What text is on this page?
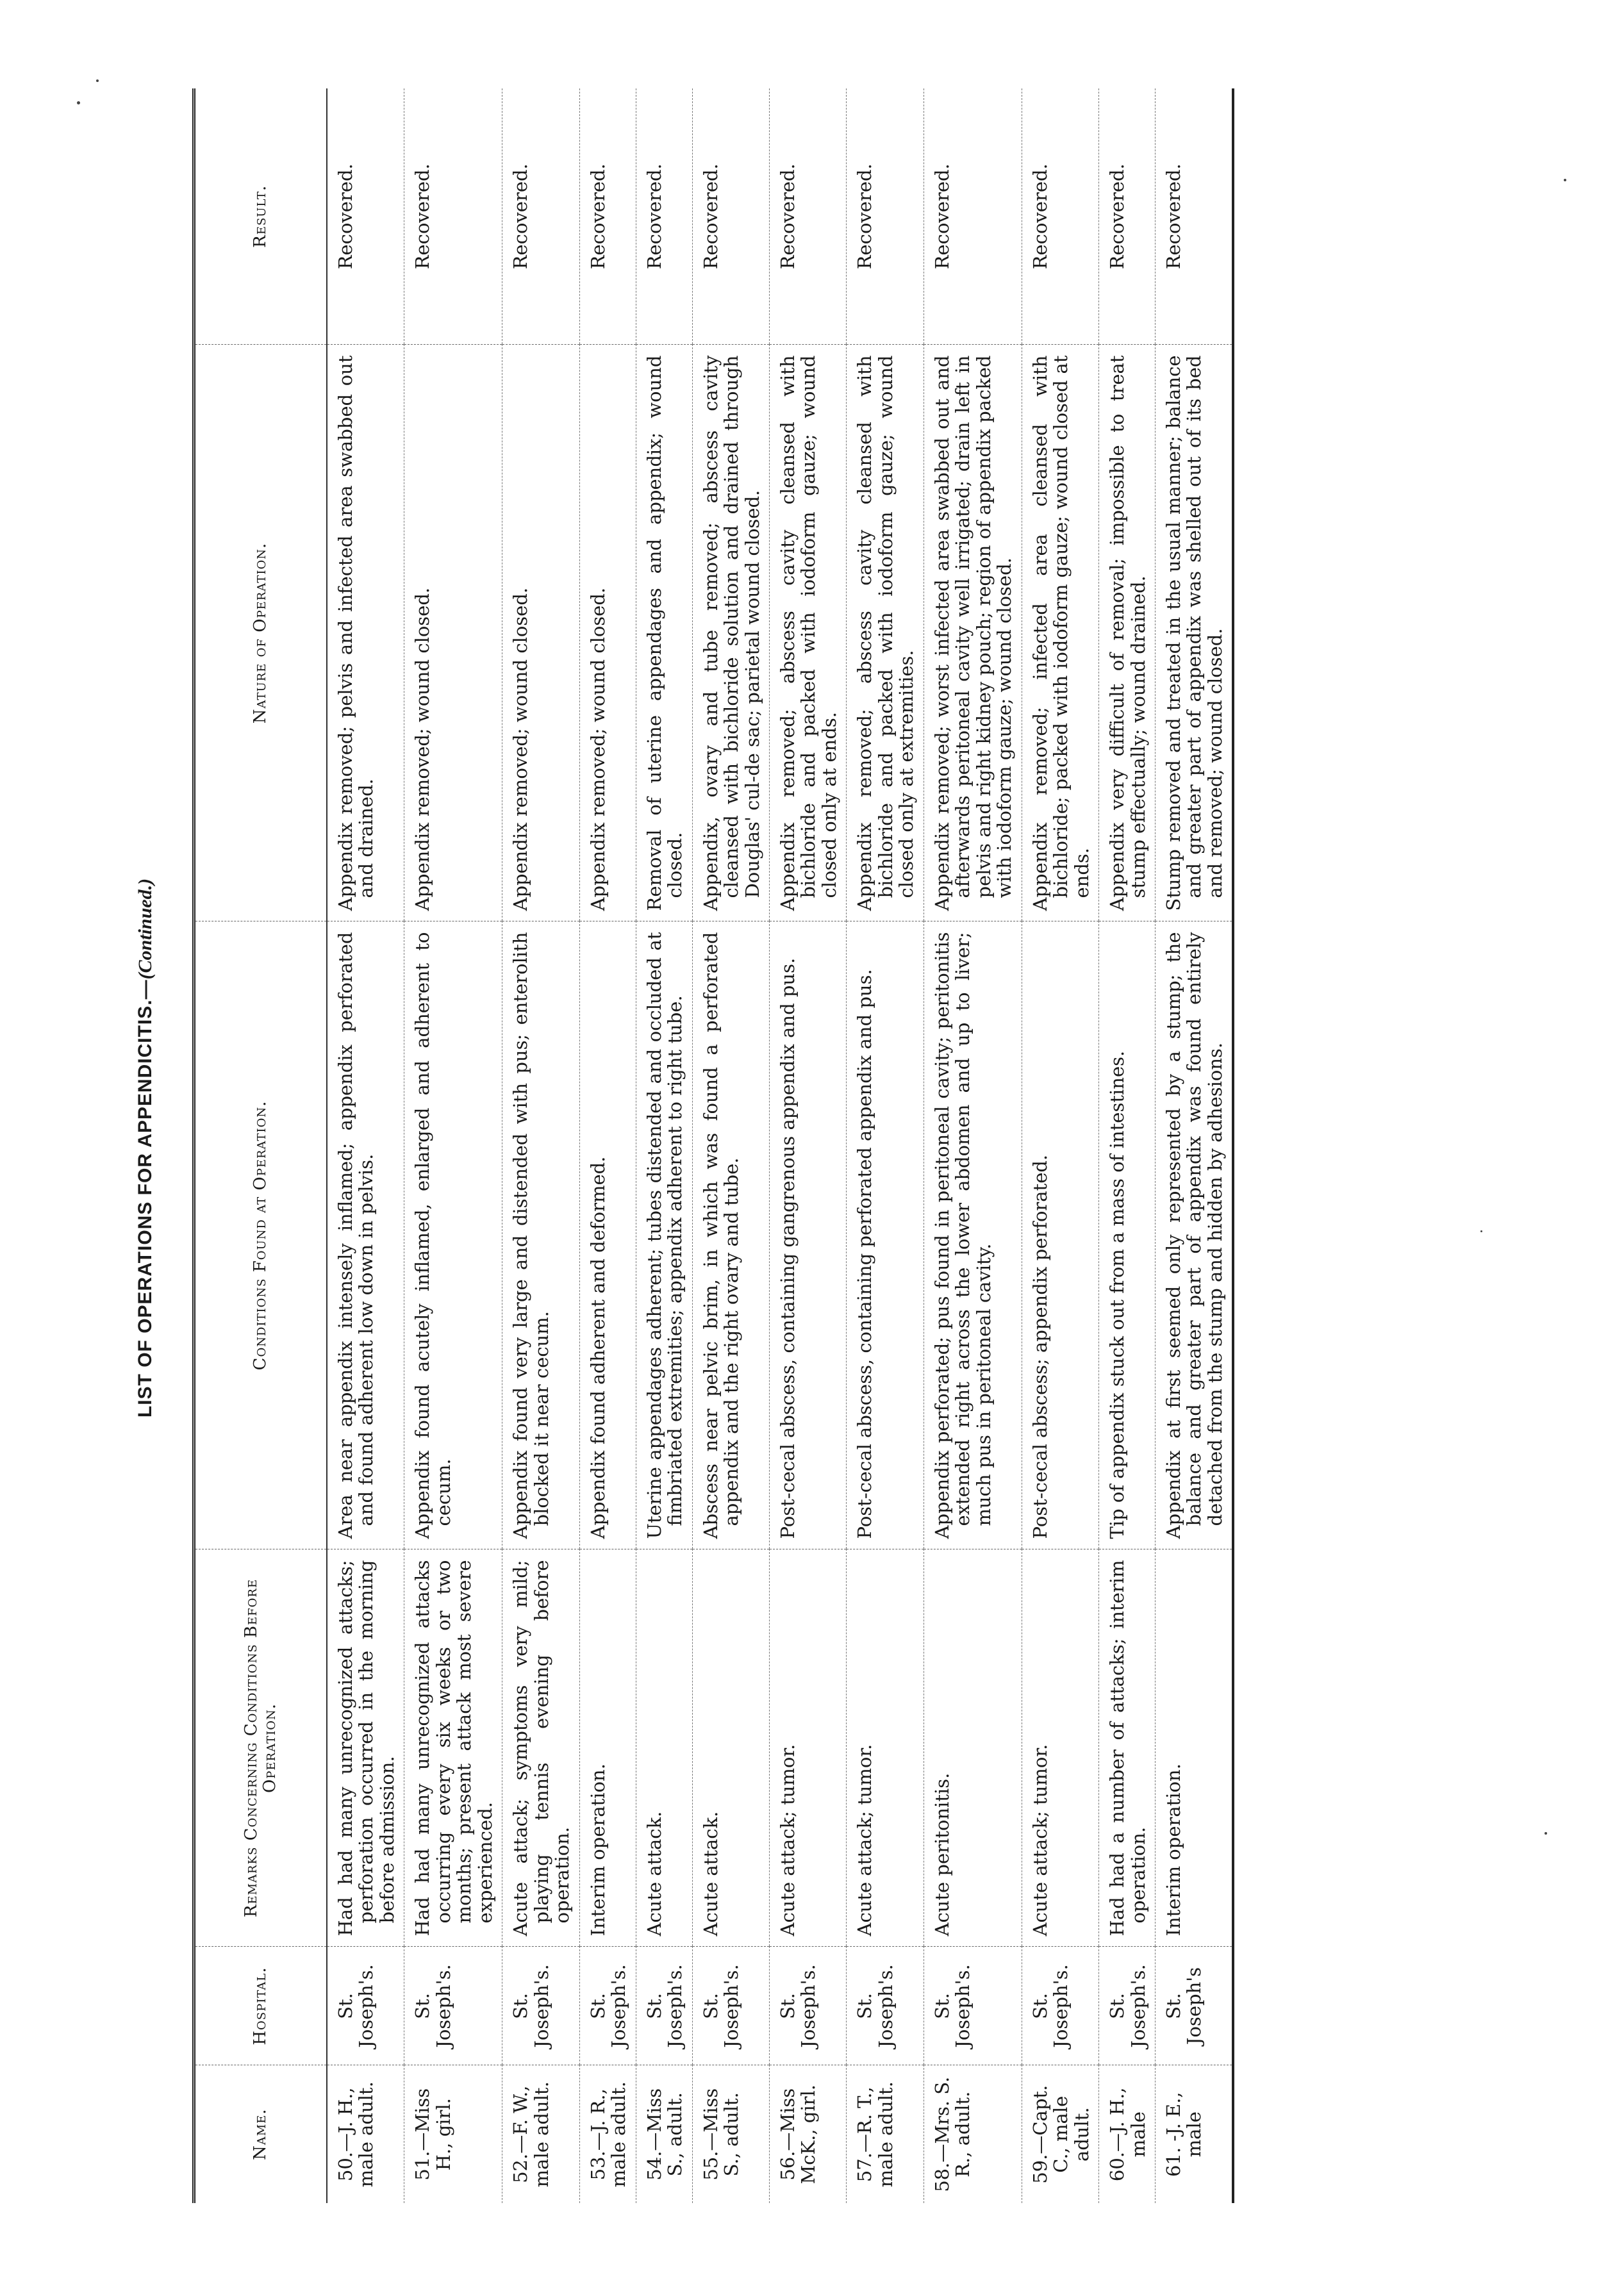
LIST OF OPERATIONS FOR APPENDICITIS.—(Continued.)
Name.	Hospital.	Remarks Concerning Conditions Before Operation.	Conditions Found at Operation.	Nature of Operation.	Result.
50.—J. H., male adult.	St. Joseph's.	Had had many unrecognized attacks; perforation occurred in the morning before admission.	Area near appendix intensely inflamed; appendix perforated and found adherent low down in pelvis.	Appendix removed; pelvis and infected area swabbed out and drained.	Recovered.
51.—Miss H., girl.	St. Joseph's.	Had had many unrecognized attacks occurring every six weeks or two months; present attack most severe experienced.	Appendix found acutely inflamed, enlarged and adherent to cecum.	Appendix removed; wound closed.	Recovered.
52.—F. W., male adult.	St. Joseph's.	Acute attack; symptoms very mild; playing tennis evening before operation.	Appendix found very large and distended with pus; enterolith blocked it near cecum.	Appendix removed; wound closed.	Recovered.
53.—J. R., male adult.	St. Joseph's.	Interim operation.	Appendix found adherent and deformed.	Appendix removed; wound closed.	Recovered.
54.—Miss S., adult.	St. Joseph's.	Acute attack.	Uterine appendages adherent; tubes distended and occluded at fimbriated extremities; appendix adherent to right tube.	Removal of uterine appendages and appendix; wound closed.	Recovered.
55.—Miss S., adult.	St. Joseph's.	Acute attack.	Abscess near pelvic brim, in which was found a perforated appendix and the right ovary and tube.	Appendix, ovary and tube removed; abscess cavity cleansed with bichloride solution and drained through Douglas' cul-de sac; parietal wound closed.	Recovered.
56.—Miss McK., girl.	St. Joseph's.	Acute attack; tumor.	Post-cecal abscess, containing gangrenous appendix and pus.	Appendix removed; abscess cavity cleansed with bichloride and packed with iodoform gauze; wound closed only at ends.	Recovered.
57.—R. T., male adult.	St. Joseph's.	Acute attack; tumor.	Post-cecal abscess, containing perforated appendix and pus.	Appendix removed; abscess cavity cleansed with bichloride and packed with iodoform gauze; wound closed only at extremities.	Recovered.
58.—Mrs. S. R., adult.	St. Joseph's.	Acute peritonitis.	Appendix perforated; pus found in peritoneal cavity; peritonitis extended right across the lower abdomen and up to liver; much pus in peritoneal cavity.	Appendix removed; worst infected area swabbed out and afterwards peritoneal cavity well irrigated; drain left in pelvis and right kidney pouch; region of appendix packed with iodoform gauze; wound closed.	Recovered.
59.—Capt. C., male adult.	St. Joseph's.	Acute attack; tumor.	Post-cecal abscess; appendix perforated.	Appendix removed; infected area cleansed with bichloride; packed with iodoform gauze; wound closed at ends.	Recovered.
60.—J. H., male	St. Joseph's.	Had had a number of attacks; interim operation.	Tip of appendix stuck out from a mass of intestines.	Appendix very difficult of removal; impossible to treat stump effectually; wound drained.	Recovered.
61. -J. E., male	St. Joseph's	Interim operation.	Appendix at first seemed only represented by a stump; the balance and greater part of appendix was found entirely detached from the stump and hidden by adhesions.	Stump removed and treated in the usual manner; balance and greater part of appendix was shelled out of its bed and removed; wound closed.	Recovered.
